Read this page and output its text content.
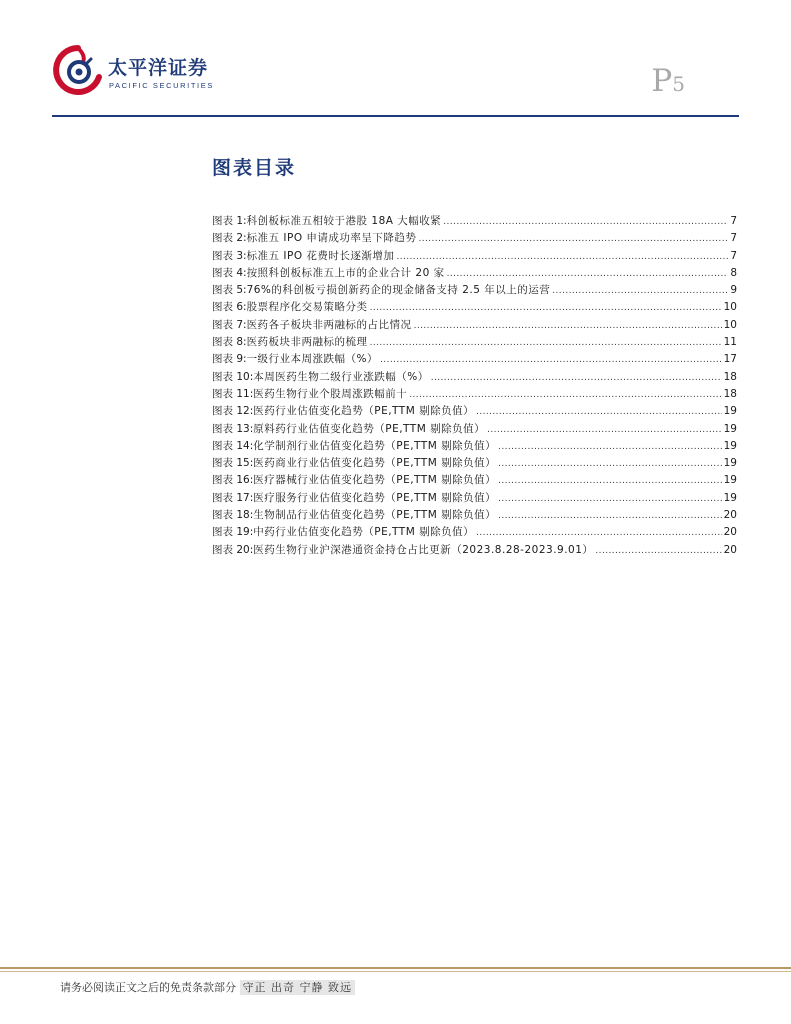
太平洋证券
PACIFIC SECURITIES	P5
图表目录
图表 1: 科创板标准五相较于港股 18A 大幅收紧 .....	7
图表 2: 标准五 IPO 申请成功率呈下降趋势 .....	7
图表 3: 标准五 IPO 花费时长逐渐增加 .....	7
图表 4: 按照科创板标准五上市的企业合计 20 家 .....	8
图表 5: 76%的科创板亏损创新药企的现金储备支持 2.5 年以上的运营 .....	9
图表 6: 股票程序化交易策略分类 .....	10
图表 7: 医药各子板块非两融标的占比情况 .....	10
图表 8: 医药板块非两融标的梳理 .....	11
图表 9: 一级行业本周涨跌幅（%） .....	17
图表 10: 本周医药生物二级行业涨跌幅（%） .....	18
图表 11: 医药生物行业个股周涨跌幅前十 .....	18
图表 12: 医药行业估值变化趋势（PE,TTM 剔除负值） .....	19
图表 13: 原料药行业估值变化趋势（PE,TTM 剔除负值） .....	19
图表 14: 化学制剂行业估值变化趋势（PE,TTM 剔除负值） .....	19
图表 15: 医药商业行业估值变化趋势（PE,TTM 剔除负值） .....	19
图表 16: 医疗器械行业估值变化趋势（PE,TTM 剔除负值） .....	19
图表 17: 医疗服务行业估值变化趋势（PE,TTM 剔除负值） .....	19
图表 18: 生物制品行业估值变化趋势（PE,TTM 剔除负值） .....	20
图表 19: 中药行业估值变化趋势（PE,TTM 剔除负值） .....	20
图表 20: 医药生物行业沪深港通资金持仓占比更新（2023.8.28-2023.9.01） .....	20
请务必阅读正文之后的免责条款部分 守正 出奇 宁静 致远
